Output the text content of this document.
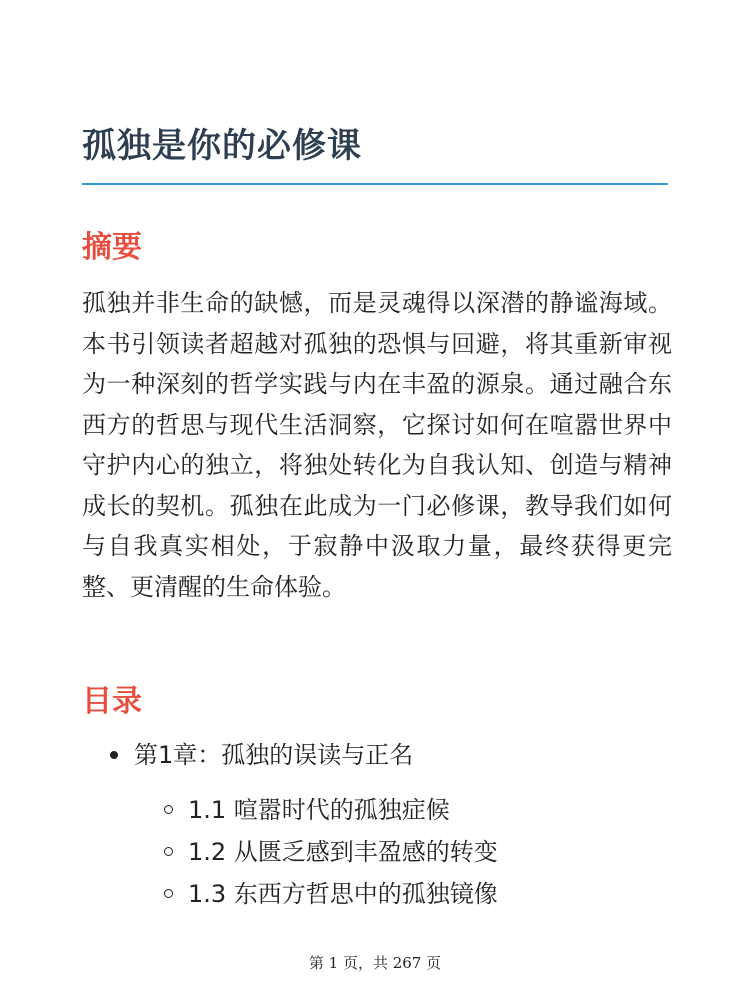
孤独是你的必修课
摘要

孤独并非生命的缺憾，而是灵魂得以深潜的静谧海域。本书引领读者超越对孤独的恐惧与回避，将其重新审视为一种深刻的哲学实践与内在丰盈的源泉。通过融合东西方的哲思与现代生活洞察，它探讨如何在喧嚣世界中守护内心的独立，将独处转化为自我认知、创造与精神成长的契机。孤独在此成为一门必修课，教导我们如何与自我真实相处，于寂静中汲取力量，最终获得更完整、更清醒的生命体验。

目录
第1章：孤独的误读与正名
1.1 喧嚣时代的孤独症候
1.2 从匮乏感到丰盈感的转变
1.3 东西方哲思中的孤独镜像
第 1 页，共 267 页
